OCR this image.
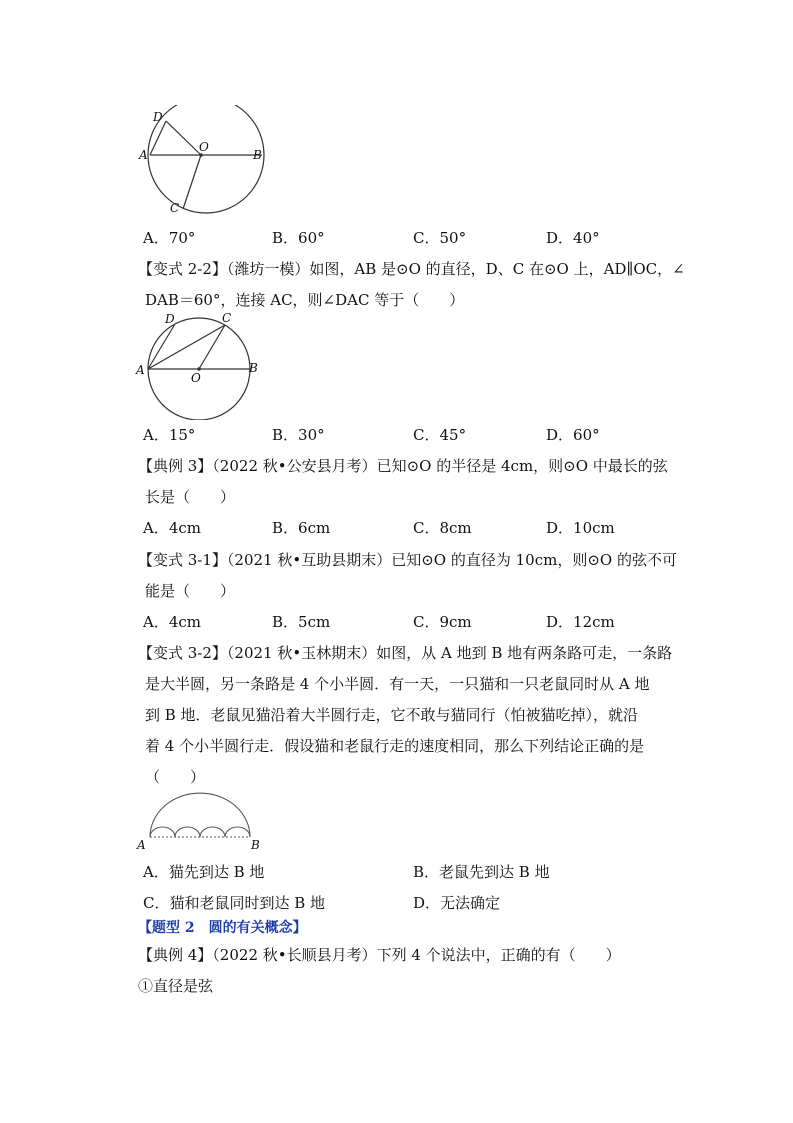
D
A
O
B
C
A．70°	B．60°	C．50°	D．40°
【变式 2-2】（潍坊一模）如图，AB 是⊙O 的直径，D、C 在⊙O 上，AD∥OC，∠
DAB＝60°，连接 AC，则∠DAC 等于（　　）
D	C
A
O
B
A．15°	B．30°	C．45°	D．60°
【典例 3】（2022 秋•公安县月考）已知⊙O 的半径是 4cm，则⊙O 中最长的弦
长是（　　）
A．4cm	B．6cm	C．8cm	D．10cm
【变式 3-1】（2021 秋•互助县期末）已知⊙O 的直径为 10cm，则⊙O 的弦不可
能是（　　）
A．4cm	B．5cm	C．9cm	D．12cm
【变式 3-2】（2021 秋•玉林期末）如图，从 A 地到 B 地有两条路可走，一条路
是大半圆，另一条路是 4 个小半圆．有一天，一只猫和一只老鼠同时从 A 地
到 B 地．老鼠见猫沿着大半圆行走，它不敢与猫同行（怕被猫吃掉），就沿
着 4 个小半圆行走．假设猫和老鼠行走的速度相同，那么下列结论正确的是
（　　）
A	B
A．猫先到达 B 地	B．老鼠先到达 B 地
C．猫和老鼠同时到达 B 地	D．无法确定
【题型 2　圆的有关概念】
【典例 4】（2022 秋•长顺县月考）下列 4 个说法中，正确的有（　　）
①直径是弦
